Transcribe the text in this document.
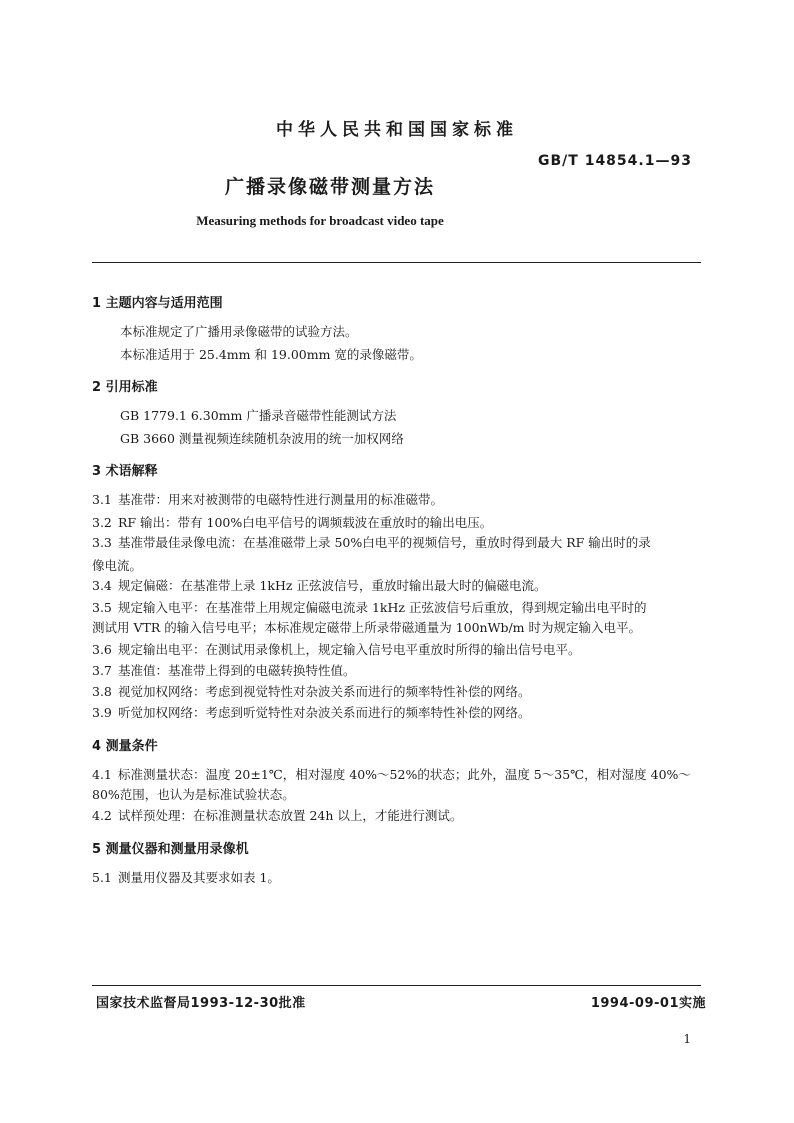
中华人民共和国国家标准
GB/T 14854.1—93
广播录像磁带测量方法
Measuring methods for broadcast video tape
1 主题内容与适用范围
本标准规定了广播用录像磁带的试验方法。
本标准适用于 25.4mm 和 19.00mm 宽的录像磁带。
2 引用标准
GB 1779.1 6.30mm 广播录音磁带性能测试方法
GB 3660 测量视频连续随机杂波用的统一加权网络
3 术语解释
3.1 基准带：用来对被测带的电磁特性进行测量用的标准磁带。
3.2 RF 输出：带有 100%白电平信号的调频载波在重放时的输出电压。
3.3 基准带最佳录像电流：在基准磁带上录 50%白电平的视频信号，重放时得到最大 RF 输出时的录
像电流。
3.4 规定偏磁：在基准带上录 1kHz 正弦波信号，重放时输出最大时的偏磁电流。
3.5 规定输入电平：在基准带上用规定偏磁电流录 1kHz 正弦波信号后重放，得到规定输出电平时的
测试用 VTR 的输入信号电平；本标准规定磁带上所录带磁通量为 100nWb/m 时为规定输入电平。
3.6 规定输出电平：在测试用录像机上，规定输入信号电平重放时所得的输出信号电平。
3.7 基准值：基准带上得到的电磁转换特性值。
3.8 视觉加权网络：考虑到视觉特性对杂波关系而进行的频率特性补偿的网络。
3.9 听觉加权网络：考虑到听觉特性对杂波关系而进行的频率特性补偿的网络。
4 测量条件
4.1 标准测量状态：温度 20±1℃，相对湿度 40%～52%的状态；此外，温度 5～35℃，相对湿度 40%～
80%范围，也认为是标准试验状态。
4.2 试样预处理：在标准测量状态放置 24h 以上，才能进行测试。
5 测量仪器和测量用录像机
5.1 测量用仪器及其要求如表 1。
国家技术监督局1993-12-30批准	1994-09-01实施
1
